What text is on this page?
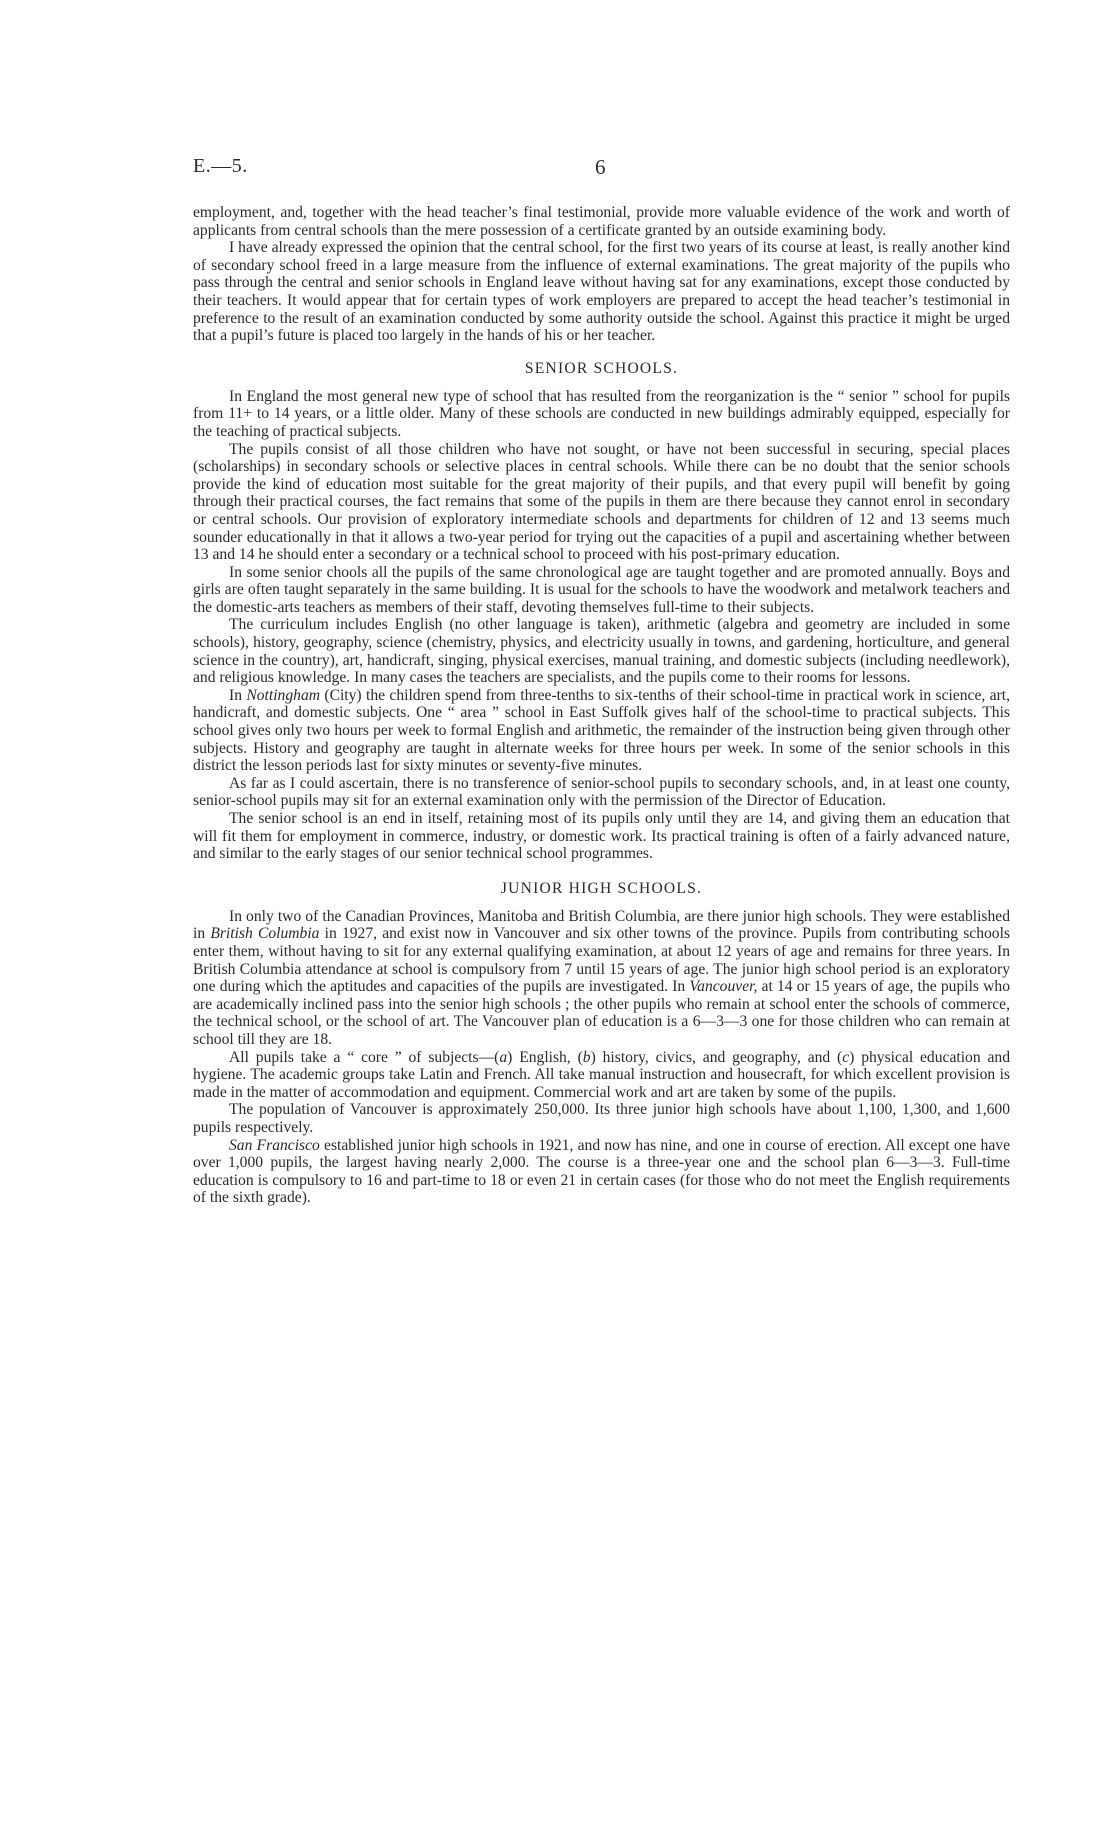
E.—5.	6

employment, and, together with the head teacher’s final testimonial, provide more valuable evidence of the work and worth of applicants from central schools than the mere possession of a certificate granted by an outside examining body.

I have already expressed the opinion that the central school, for the first two years of its course at least, is really another kind of secondary school freed in a large measure from the influence of external examinations. The great majority of the pupils who pass through the central and senior schools in England leave without having sat for any examinations, except those conducted by their teachers. It would appear that for certain types of work employers are prepared to accept the head teacher’s testimonial in preference to the result of an examination conducted by some authority outside the school. Against this practice it might be urged that a pupil’s future is placed too largely in the hands of his or her teacher.

SENIOR SCHOOLS.

In England the most general new type of school that has resulted from the reorganization is the “ senior ” school for pupils from 11+ to 14 years, or a little older. Many of these schools are conducted in new buildings admirably equipped, especially for the teaching of practical subjects.

The pupils consist of all those children who have not sought, or have not been successful in securing, special places (scholarships) in secondary schools or selective places in central schools. While there can be no doubt that the senior schools provide the kind of education most suitable for the great majority of their pupils, and that every pupil will benefit by going through their practical courses, the fact remains that some of the pupils in them are there because they cannot enrol in secondary or central schools. Our provision of exploratory intermediate schools and departments for children of 12 and 13 seems much sounder educationally in that it allows a two-year period for trying out the capacities of a pupil and ascertaining whether between 13 and 14 he should enter a secondary or a technical school to proceed with his post-primary education.

In some senior chools all the pupils of the same chronological age are taught together and are promoted annually. Boys and girls are often taught separately in the same building. It is usual for the schools to have the woodwork and metalwork teachers and the domestic-arts teachers as members of their staff, devoting themselves full-time to their subjects.

The curriculum includes English (no other language is taken), arithmetic (algebra and geometry are included in some schools), history, geography, science (chemistry, physics, and electricity usually in towns, and gardening, horticulture, and general science in the country), art, handicraft, singing, physical exercises, manual training, and domestic subjects (including needlework), and religious knowledge. In many cases the teachers are specialists, and the pupils come to their rooms for lessons.

In Nottingham (City) the children spend from three-tenths to six-tenths of their school-time in practical work in science, art, handicraft, and domestic subjects. One “ area ” school in East Suffolk gives half of the school-time to practical subjects. This school gives only two hours per week to formal English and arithmetic, the remainder of the instruction being given through other subjects. History and geography are taught in alternate weeks for three hours per week. In some of the senior schools in this district the lesson periods last for sixty minutes or seventy-five minutes.

As far as I could ascertain, there is no transference of senior-school pupils to secondary schools, and, in at least one county, senior-school pupils may sit for an external examination only with the permission of the Director of Education.

The senior school is an end in itself, retaining most of its pupils only until they are 14, and giving them an education that will fit them for employment in commerce, industry, or domestic work. Its practical training is often of a fairly advanced nature, and similar to the early stages of our senior technical school programmes.

JUNIOR HIGH SCHOOLS.

In only two of the Canadian Provinces, Manitoba and British Columbia, are there junior high schools. They were established in British Columbia in 1927, and exist now in Vancouver and six other towns of the province. Pupils from contributing schools enter them, without having to sit for any external qualifying examination, at about 12 years of age and remains for three years. In British Columbia attendance at school is compulsory from 7 until 15 years of age. The junior high school period is an exploratory one during which the aptitudes and capacities of the pupils are investigated. In Vancouver, at 14 or 15 years of age, the pupils who are academically inclined pass into the senior high schools ; the other pupils who remain at school enter the schools of commerce, the technical school, or the school of art. The Vancouver plan of education is a 6—3—3 one for those children who can remain at school till they are 18.

All pupils take a “ core ” of subjects—(a) English, (b) history, civics, and geography, and (c) physical education and hygiene. The academic groups take Latin and French. All take manual instruction and housecraft, for which excellent provision is made in the matter of accommodation and equipment. Commercial work and art are taken by some of the pupils.

The population of Vancouver is approximately 250,000. Its three junior high schools have about 1,100, 1,300, and 1,600 pupils respectively.

San Francisco established junior high schools in 1921, and now has nine, and one in course of erection. All except one have over 1,000 pupils, the largest having nearly 2,000. The course is a three-year one and the school plan 6—3—3. Full-time education is compulsory to 16 and part-time to 18 or even 21 in certain cases (for those who do not meet the English requirements of the sixth grade).
